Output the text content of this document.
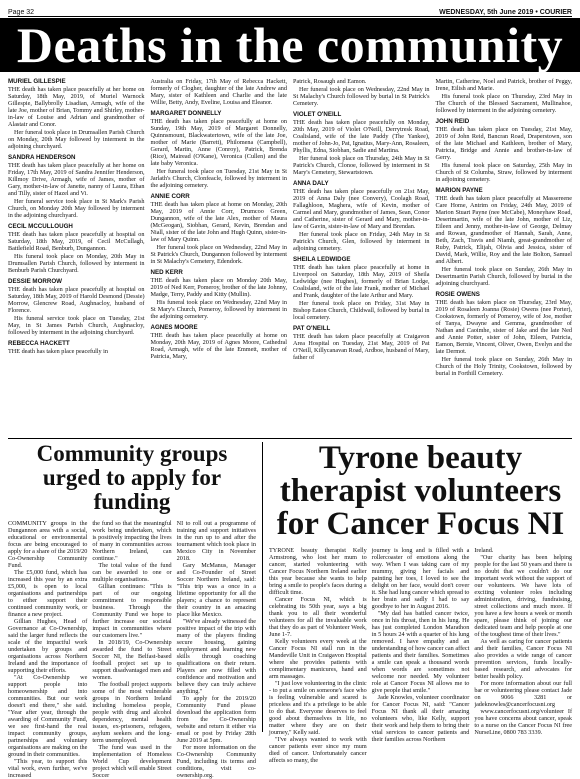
Page 32	WEDNESDAY, 5th June 2019 • COURIER
Deaths in the community
MURIEL GILLESPIE

THE death has taken place peacefully at her home on Saturday, 18th May, 2019, of Muriel Warnock Gillespie, Ballybrolly Lisadian, Armagh, wife of the late Joe, mother of Brian, Tommy and Shirley, mother-in-law of Louise and Adrian and grandmother of Alastair and Conor.

Her funeral took place in Drumsallen Parish Church on Monday, 20th May followed by interment in the adjoining churchyard.

SANDRA HENDERSON

THE death has taken place peacefully at her home on Friday, 17th May, 2019 of Sandra Jennifer Henderson, Killmoy Drive, Armagh, wife of James, mother of Gary, mother-in-law of Janette, nanny of Laura, Ethan and Tilly, sister of Hazel and Vi.

Her funeral service took place in St Mark's Parish Church, on Monday 20th May followed by interment in the adjoining churchyard.

CECIL MCCULLOUGH

THE death has taken place peacefully at hospital on Saturday, 18th May, 2019, of Cecil McCullagh, Battlefield Road, Benburb, Dungannon.

His funeral took place on Monday, 20th May in Drumsallen Parish Church, followed by interment in Benburb Parish Churchyard.

DESSIE MORROW

THE death has taken place peacefully at hospital on Saturday, 18th May, 2019 of Harold Desmond (Dessie) Morrow, Glencrew Road, Aughnacloy, husband of Florence.

His funeral service took place on Tuesday, 21st May, in St James Parish Church, Aughnacloy, followed by interment in the adjoining churchyard.

REBECCA HACKETT

THE death has taken place peacefully in

Australia on Friday, 17th May of Rebecca Hackett, formerly of Clogher, daughter of the late Andrew and Mary, sister of Kathleen and Charlie and the late Willie, Betty, Andy, Eveline, Louisa and Eleanor.

MARGARET DONNELLY

THE death has taken place peacefully at home on Sunday, 19th May, 2019 of Margaret Donnelly, Quinnsmount, Blackwatertown, wife of the late Joe, mother of Marie (Barrett), Philomena (Campbell), Gerard, Martin, Anne (Conroy), Patrick, Brenda (Rice), Mairead (O'Kane), Veronica (Cullen) and the late baby Veronica.

Her funeral took place on Tuesday, 21st May in St Jarlath's Church, Clonfeacle, followed by interment in the adjoining cemetery.

ANNIE CORR

THE death has taken place at home on Monday, 20th May, 2019 of Annie Corr, Drumcoo Green, Dungannon, wife of the late Alex, mother of Maura (McGeogan), Siobhan, Gerard, Kevin, Brendan and Niall, sister of the late John and Hugh Quinn, sister-in-law of Mary Quinn.

Her funeral took place on Wednesday, 22nd May in St Patrick's Church, Dungannon followed by interment in St Malachy's Cemetery, Edendork.

NED KERR

THE death has taken place on Monday 20th May, 2019 of Ned Kerr, Pomeroy, brother of the late Johnny, Madge, Terry, Paddy and Kitty (Mullin).

His funeral took place on Wednesday, 22nd May in St Mary's Church, Pomeroy, followed by interment in the adjoining cemetery.

AGNES MOORE

THE death has taken place peacefully at home on Monday, 20th May, 2019 of Agnes Moore, Cathedral Road, Armagh, wife of the late Emmett, mother of Patricia, Mary,

Patrick, Rosaugh and Eamon.

Her funeral took place on Wednesday, 22nd May in St Malachy's Church followed by burial in St Patrick's Cemetery.

VIOLET O'NEILL

THE death has taken place peacefully on Monday, 20th May, 2019 of Violet O'Neill, Derrytresk Road, Coalisland, wife of the late Paddy (The Yankee), mother of John-Jo, Pat, Ignatius, Mary-Ann, Rosaleen, Phyllis, Edna, Siobhan, Sadie and Martina.

Her funeral took place on Thursday, 24th May in St Patrick's Church, Clonoe, followed by interment in St Mary's Cemetery, Stewartstown.

ANNA DALY

THE death has taken place peacefully on 21st May, 2019 of Anna Daly (nee Convery), Coolagh Road, Fallaghloon, Maghera, wife of Kevin, mother of Carmel and Mary, grandmother of James, Sean, Conor and Catherine, sister of Gerard and Mary, mother-in-law of Gavin, sister-in-law of Mary and Brendan.

Her funeral took place on Friday, 24th May in St Patrick's Church, Glen, followed by interment in adjoining cemetery.

SHEILA LEDWIDGE

THE death has taken place peacefully at home in Liverpool on Saturday, 18th May, 2019 of Sheila Ledwidge (nee Hughes), formerly of Brian Lodge, Coalisland, wife of the late Frank, mother of Michael and Frank, daughter of the late Arthur and Mary.

Her funeral took place on Friday, 31st May in Bishop Eaton Church, Childwall, followed by burial in local cemetery.

PAT O'NEILL

THE death has taken place peacefully at Craigavon Area Hospital on Tuesday, 21st May, 2019 of Pat O'Neill, Killycanavan Road, Ardboe, husband of Mary, father of

Martin, Catherine, Noel and Patrick, brother of Peggy, Irene, Eilish and Marie.

His funeral took place on Thursday, 23rd May in The Church of the Blessed Sacrament, Mullinahoe, followed by interment in the adjoining cemetery.

JOHN REID

THE death has taken place on Tuesday, 21st May, 2019 of John Reid, Bancran Road, Draperstown, son of the late Michael and Kathleen, brother of Mary, Patricia, Bridge and Annie and brother-in-law of Gerry.

His funeral took place on Saturday, 25th May in Church of St Columba, Straw, followed by interment in adjoining cemetery.

MARION PAYNE

THE death has taken place peacefully at Massereene Care Home, Antrim on Friday, 24th May, 2019 of Marion Stuart Payne (nee McCabe), Moneyhaw Road, Desertmartin, wife of the late John, mother of Liz, Eileen and Jenny, mother-in-law of George, Delmay and Rowan, grandmother of Hannah, Sarah, Anne, Beth, Zach, Travis and Niamh, great-grandmother of Ruby, Patrick, Elijah, Olivia and Jessica, sister of David, Mark, Willie, Roy and the late Bolton, Samuel and Albert.

Her funeral took place on Sunday, 26th May in Desertmartin Parish Church, followed by burial in the adjoining churchyard.

ROSIE OWENS

THE death has taken place on Thursday, 23rd May, 2019 of Rosaleen Joanna (Rosie) Owens (nee Porter), Cookstown, formerly of Pomeroy, wife of Joe, mother of Tanya, Dwayne and Gemma, grandmother of Nathan and Caoimhe, sister of Jake and the late Ned and Annie Potter, sister of John, Eileen, Patricia, Eamon, Bernie, Vincent, Oliver, Owen, Evelyn and the late Dermot.

Her funeral took place on Sunday, 26th May in Church of the Holy Trinity, Cookstown, followed by burial in Forthill Cemetery.

Community groups urged to apply for funding

COMMUNITY groups in the Dungannon area with a social, educational or environmental focus are being encouraged to apply for a share of the 2019/20 Co-Ownership Community Fund.

The £5,000 fund, which has increased this year by an extra £5,000, is open to local organisations and partnerships to either support their continued community work, or finance a new project.

Gillian Hughes, Head of Governance at Co-Ownership, said the larger fund reflects the scale of the impactful work undertaken by groups and organisations across Northern Ireland and the importance of supporting their efforts.

"At Co-Ownership we support people into homeownership and into communities. But our work doesn't end there," she said. "Year after year, through the awarding of Community Fund, we see first-hand the real impact community groups, partnerships and voluntary organisations are making on the ground in their communities.

"This year, to support this vital work, even further, we've increased

the fund so that the meaningful work being undertaken, which is positively impacting the lives of many in communities across Northern Ireland, can continue."

The total value of the fund can be awarded to one or multiple organisations.

Gillian continues: "This is part of our ongoing commitment to responsible business. Through the Community Fund we hope to further increase our societal impact in communities where our customers live."

In 2018/19, Co-Ownership awarded the fund to Street Soccer NI, the Belfast-based football project set up to support disadvantaged men and women.

The football project supports some of the most vulnerable groups in Northern Ireland including homeless people, people with drug and alcohol dependency, mental health issues, ex-prisoners, refugees, asylum seekers and the long-term unemployed.

The fund was used in the implementation of Homeless World Cup development project which will enable Street Soccer

NI to roll out a programme of training and support initiatives in the run up to and after the tournament which took place in Mexico City in November 2018.

Gary McManus, Manager and Co-Founder of Street Soccer Northern Ireland, said: "This trip was a once in a lifetime opportunity for all the players; a chance to represent their country in an amazing place like Mexico.

"We've already witnessed the positive impact of the trip with many of the players finding secure housing, gaining employment and learning new skills through coaching qualifications on their return. Players are now filled with confidence and motivation and believe they can truly achieve anything."

To apply for the 2019/20 Community Fund please download the application form from the Co-Ownership website and return it either via email or post by Friday 28th June 2019 at 5pm.

For more information on the Co-Ownership Community Fund, including its terms and conditions, visit co-ownership.org.

Tyrone beauty therapist volunteers for Cancer Focus NI

TYRONE beauty therapist Kelly Armstrong, who lost her mum to cancer, started volunteering with Cancer Focus Northern Ireland earlier this year because she wants to help bring a smile to people's faces during a difficult time.

Cancer Focus NI, which is celebrating its 50th year, says a big thank you to all their wonderful volunteers for all the invaluable work that they do as part of Volunteer Week, June 1-7.

Kelly volunteers every week at the Cancer Focus NI stall run in the Mandeville Unit in Craigavon Hospital where she provides patients with complimentary manicures, hand and arm massages.

"I just love volunteering in the clinic - to put a smile on someone's face who is feeling vulnerable and scared is priceless and it's a privilege to be able to do that. Everyone deserves to feel good about themselves in life, no matter where they are on their journey," Kelly said.

"I've always wanted to work with cancer patients ever since my mum died of cancer. Unfortunately cancer affects so many, the

journey is long and is filled with a rollercoaster of emotions along the way. When I was taking care of my mummy, giving her facials and painting her toes, I loved to see the delight on her face, would don't cover it. She had lung cancer which spread to her brain and sadly I had to say goodbye to her in August 2016.

"My dad has battled cancer twice, once in his throat, then in his lung. He has just completed London Marathon in 5 hours 24 with a quarter of his lung removed. I have empathy and an understanding of how cancer can affect patients and their families. Sometimes a smile can speak a thousand words when words are sometimes not welcome nor needed. My volunteer role at Cancer Focus NI allows me to give people that smile."

Jade Knowles, volunteer coordinator for Cancer Focus NI, said: "Cancer Focus NI thank all their amazing volunteers who, like Kelly, support their work and help them to bring their vital services to cancer patients and their families across Northern

Ireland.

"Our charity has been helping people for the last 50 years and there is no doubt that we couldn't do our important work without the support of our volunteers. We have lots of exciting volunteer roles including administration, driving, fundraising, street collections and much more. If you have a few hours a week or month spare, please think of joining our dedicated team and help people at one of the toughest time of their lives."

As well as caring for cancer patients and their families, Cancer Focus NI also provides a wide range of cancer prevention services, funds locally-based research, and advocates for better health policy.

For more information about our full bar or volunteering please contact Jade on 9066 3281 or jadeknowles@cancerfocusni.org

www.cancerfocusni.org/volunteer If you have concerns about cancer, speak to a nurse on the Cancer Focus NI free NurseLine, 0800 783 3339.
